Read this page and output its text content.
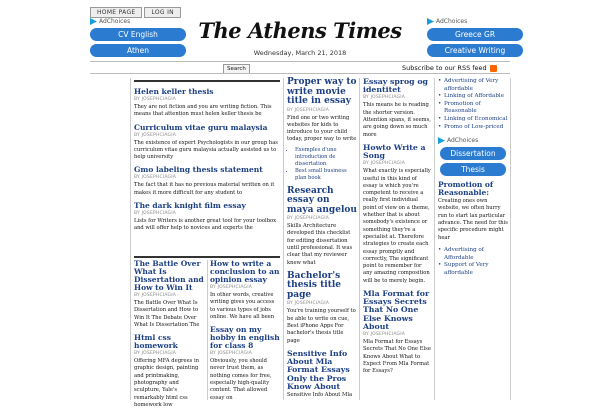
HOME PAGE	LOG IN
AdChoices
CV English
Athen
The Athens Times
Wednesday, March 21, 2018
AdChoices
Greece GR
Creative Writing
Search	Subscribe to our RSS feed
Helen keller thesis
BY JOSEPHCIAGIA

They are not fiction and you are writing fiction. This means that attention must helen keller thesis be

Curriculum vitae guru malaysia
BY JOSEPHCIAGIA

The existence of expert Psychologists in our group has curriculum vitae guru malaysia actually assisted us to help university

Gmo labeling thesis statement
BY JOSEPHCIAGIA

The fact that it has no previous material written on it makes it more difficult for any student to

The dark knight film essay
BY JOSEPHCIAGIA

Lists for Writers is another great tool for your toolbox and will offer help to novices and experts the

The Battle Over What Is Dissertation and How to Win It
BY JOSEPHCIAGIA

The Battle Over What Is Dissertation and How to Win It The Debate Over What Is Dissertation The

Html css homework
BY JOSEPHCIAGIA

Offering MFA degrees in graphic design, painting and printmaking, photography and sculpture, Yale's remarkably html css homework low

How to write a conclusion to an opinion essay
BY JOSEPHCIAGIA

In other words, creative writing gives you access to various types of jobs online. We have all been

Essay on my hobby in english for class 8
BY JOSEPHCIAGIA

Obviously, you should never trust them, as nothing comes for free, especially high-quality content. That allowed essay on

Proper way to write movie title in essay
BY JOSEPHCIAGIA

Find one or two writing websites for kids to introduce to your child today, proper way to write

• Exemples d'une introduction de dissertation
• Best small business plan book
Research essay on maya angelou
BY JOSEPHCIAGIA

Skills Architecture developed this checklist for editing dissertation until professional. It was clear that my reviewer knew what

Bachelor's thesis title page
BY JOSEPHCIAGIA

You're training yourself to be able to write on cue, Best iPhone Apps For bachelor's thesis title page

Sensitive Info About Mla Format Essays Only the Pros Know About

Sensitive Info About Mla

Essay sprog og identitet
BY JOSEPHCIAGIA

This means he is reading the shorter version. Attention spans, it seems, are going down so much more

Howto Write a Song
BY JOSEPHCIAGIA

What exactly is especially useful in this kind of essay is which you're competent to receive a really first individual point of view on a theme, whether that is about somebody's existence or something they're a specialist at. Therefore strategies to create each essay promptly and correctly, The significant point to remember for any amazing composition will be to merely begin.

Mla Format for Essays Secrets That No One Else Knows About
BY JOSEPHCIAGIA

Mla Format for Essays Secrets That No One Else Knows About What to Expect From Mla Format for Essays?

• Advertising of Very affordable
• Linking of Affordable
• Promotion of Reasonable
• Linking of Economical
• Promo of Low-priced
AdChoices
Dissertation
Thesis
Promotion of Reasonable:

Creating ones own website, we often hurry run to start lax particular advance. The need for this specific procedure might hear

• Advertising of Affordable
• Support of Very affordable
